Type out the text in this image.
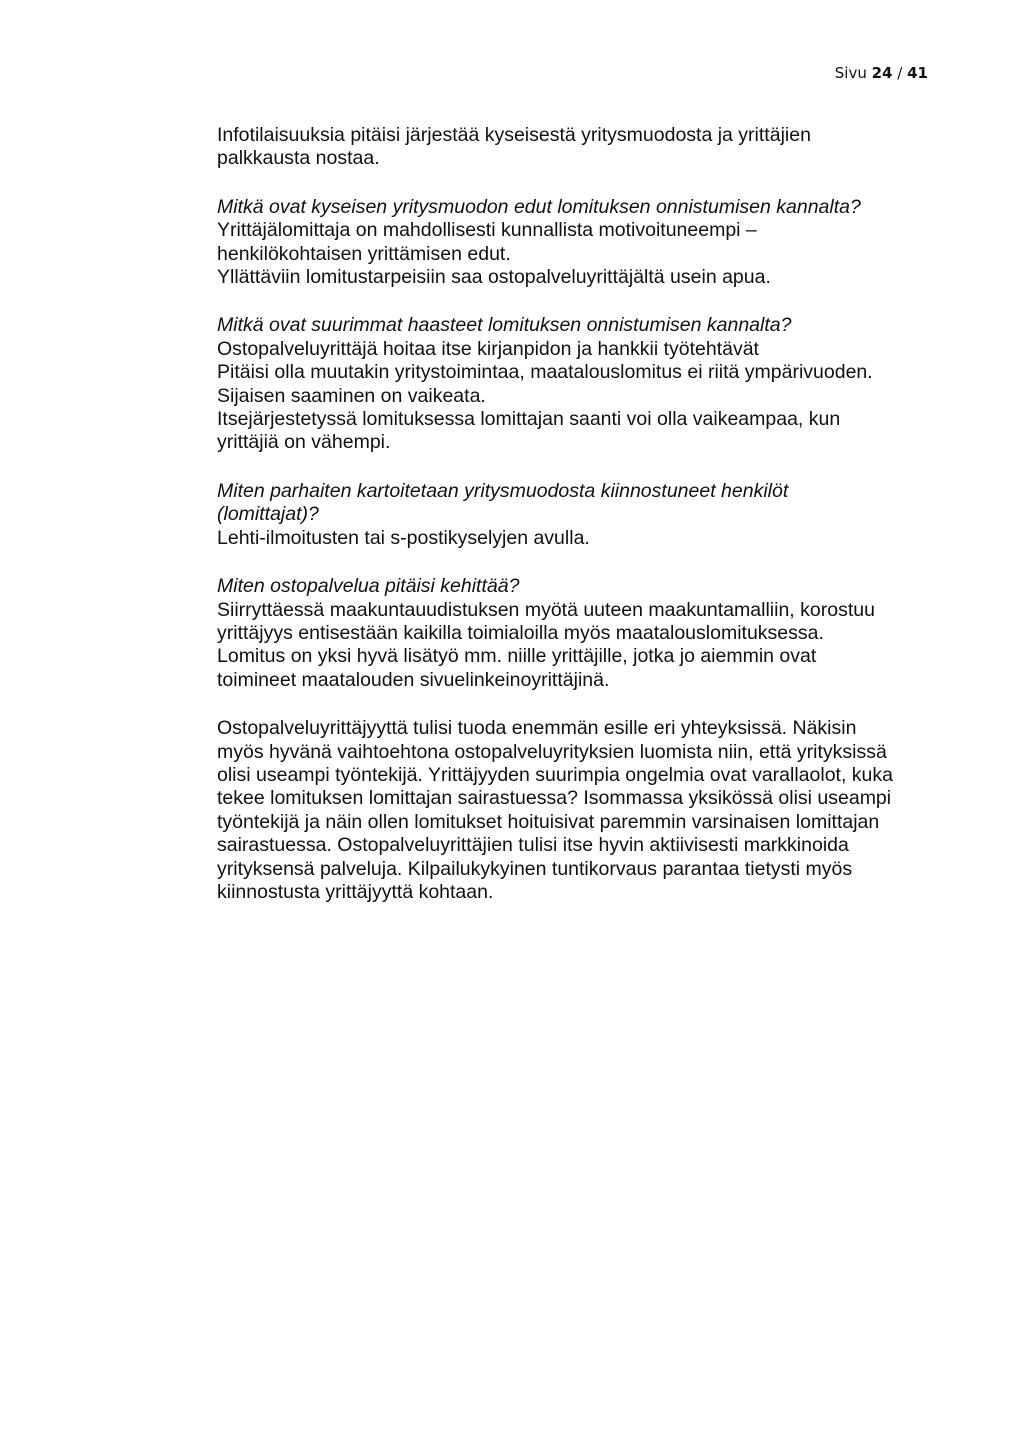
Sivu 24 / 41
Infotilaisuuksia pitäisi järjestää kyseisestä yritysmuodosta ja yrittäjien
palkkausta nostaa.
Mitkä ovat kyseisen yritysmuodon edut lomituksen onnistumisen kannalta?
Yrittäjälomittaja on mahdollisesti kunnallista motivoituneempi –
henkilökohtaisen yrittämisen edut.
Yllättäviin lomitustarpeisiin saa ostopalveluyrittäjältä usein apua.
Mitkä ovat suurimmat haasteet lomituksen onnistumisen kannalta?
Ostopalveluyrittäjä hoitaa itse kirjanpidon ja hankkii työtehtävät
Pitäisi olla muutakin yritystoimintaa, maatalouslomitus ei riitä ympärivuoden.
Sijaisen saaminen on vaikeata.
Itsejärjestetyssä lomituksessa lomittajan saanti voi olla vaikeampaa, kun
yrittäjiä on vähempi.
Miten parhaiten kartoitetaan yritysmuodosta kiinnostuneet henkilöt
(lomittajat)?
Lehti-ilmoitusten tai s-postikyselyjen avulla.
Miten ostopalvelua pitäisi kehittää?
Siirryttäessä maakuntauudistuksen myötä uuteen maakuntamalliin, korostuu
yrittäjyys entisestään kaikilla toimialoilla myös maatalouslomituksessa.
Lomitus on yksi hyvä lisätyö mm. niille yrittäjille, jotka jo aiemmin ovat
toimineet maatalouden sivuelinkeinoyrittäjinä.
Ostopalveluyrittäjyyttä tulisi tuoda enemmän esille eri yhteyksissä. Näkisin
myös hyvänä vaihtoehtona ostopalveluyrityksien luomista niin, että yrityksissä
olisi useampi työntekijä. Yrittäjyyden suurimpia ongelmia ovat varallaolot, kuka
tekee lomituksen lomittajan sairastuessa? Isommassa yksikössä olisi useampi
työntekijä ja näin ollen lomitukset hoituisivat paremmin varsinaisen lomittajan
sairastuessa. Ostopalveluyrittäjien tulisi itse hyvin aktiivisesti markkinoida
yrityksensä palveluja. Kilpailukykyinen tuntikorvaus parantaa tietysti myös
kiinnostusta yrittäjyyttä kohtaan.
